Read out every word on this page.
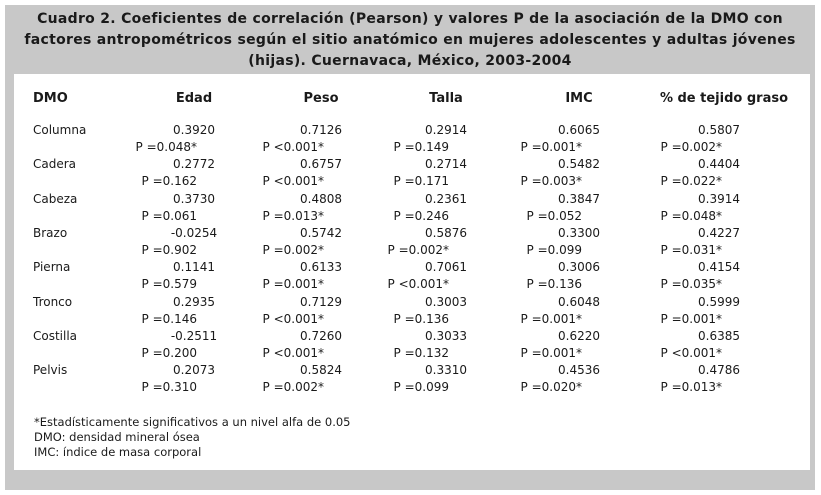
Cuadro 2. Coeficientes de correlación (Pearson) y valores P de la asociación de la DMO con
factores antropométricos según el sitio anatómico en mujeres adolescentes y adultas jóvenes
(hijas). Cuernavaca, México, 2003-2004
DMO	Edad	Peso	Talla	IMC	% de tejido graso
Columna	0.3920	0.7126	0.2914	0.6065	0.5807
P =0.048*	P <0.001*	P =0.149	P =0.001*	P =0.002*
Cadera	0.2772	0.6757	0.2714	0.5482	0.4404
P =0.162	P <0.001*	P =0.171	P =0.003*	P =0.022*
Cabeza	0.3730	0.4808	0.2361	0.3847	0.3914
P =0.061	P =0.013*	P =0.246	P =0.052	P =0.048*
Brazo	-0.0254	0.5742	0.5876	0.3300	0.4227
P =0.902	P =0.002*	P =0.002*	P =0.099	P =0.031*
Pierna	0.1141	0.6133	0.7061	0.3006	0.4154
P =0.579	P =0.001*	P <0.001*	P =0.136	P =0.035*
Tronco	0.2935	0.7129	0.3003	0.6048	0.5999
P =0.146	P <0.001*	P =0.136	P =0.001*	P =0.001*
Costilla	-0.2511	0.7260	0.3033	0.6220	0.6385
P =0.200	P <0.001*	P =0.132	P =0.001*	P <0.001*
Pelvis	0.2073	0.5824	0.3310	0.4536	0.4786
P =0.310	P =0.002*	P =0.099	P =0.020*	P =0.013*
*Estadísticamente significativos a un nivel alfa de 0.05
DMO: densidad mineral ósea
IMC: índice de masa corporal
